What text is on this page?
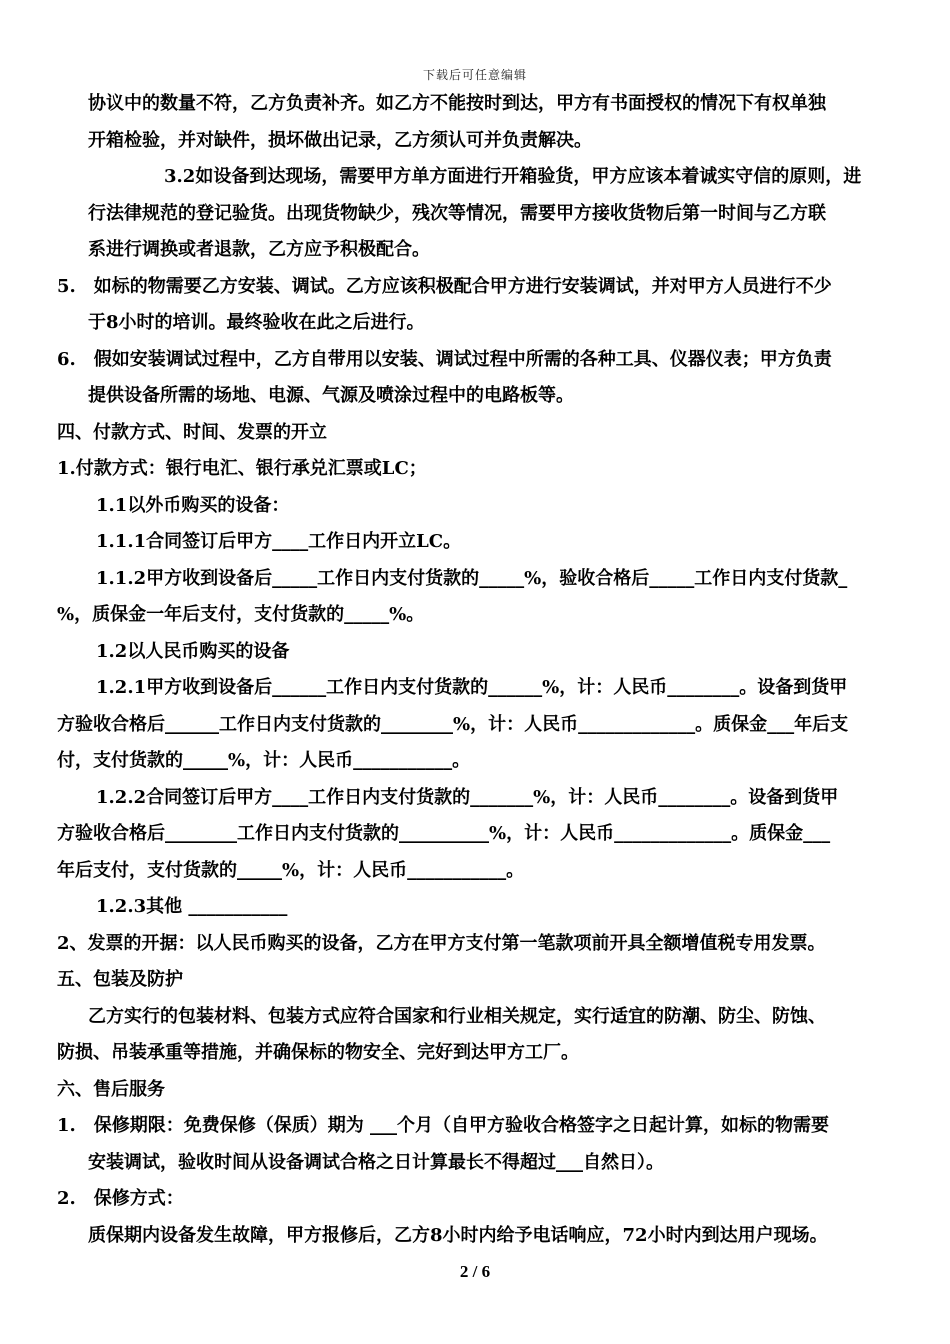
下载后可任意编辑
协议中的数量不符，乙方负责补齐。如乙方不能按时到达，甲方有书面授权的情况下有权单独
开箱检验，并对缺件，损坏做出记录，乙方须认可并负责解决。
3.2如设备到达现场，需要甲方单方面进行开箱验货，甲方应该本着诚实守信的原则，进
行法律规范的登记验货。出现货物缺少，残次等情况，需要甲方接收货物后第一时间与乙方联
系进行调换或者退款，乙方应予积极配合。
5.　如标的物需要乙方安装、调试。乙方应该积极配合甲方进行安装调试，并对甲方人员进行不少
于8小时的培训。最终验收在此之后进行。
6.　假如安装调试过程中，乙方自带用以安装、调试过程中所需的各种工具、仪器仪表；甲方负责
提供设备所需的场地、电源、气源及喷涂过程中的电路板等。
四、付款方式、时间、发票的开立
1.付款方式：银行电汇、银行承兑汇票或LC；
1.1以外币购买的设备：
1.1.1合同签订后甲方____工作日内开立LC。
1.1.2甲方收到设备后_____工作日内支付货款的_____%，验收合格后_____工作日内支付货款_
%，质保金一年后支付，支付货款的_____%。
1.2以人民币购买的设备
1.2.1甲方收到设备后______工作日内支付货款的______%，计：人民币________。设备到货甲
方验收合格后______工作日内支付货款的________%，计：人民币_____________。质保金___年后支
付，支付货款的_____%，计：人民币___________。
1.2.2合同签订后甲方____工作日内支付货款的_______%，计：人民币________。设备到货甲
方验收合格后________工作日内支付货款的__________%，计：人民币_____________。质保金___
年后支付，支付货款的_____%，计：人民币___________。
1.2.3其他 ___________
2、发票的开据：以人民币购买的设备，乙方在甲方支付第一笔款项前开具全额增值税专用发票。
五、包装及防护
乙方实行的包装材料、包装方式应符合国家和行业相关规定，实行适宜的防潮、防尘、防蚀、
防损、吊装承重等措施，并确保标的物安全、完好到达甲方工厂。
六、售后服务
1.　保修期限：免费保修（保质）期为 ___个月（自甲方验收合格签字之日起计算，如标的物需要
安装调试，验收时间从设备调试合格之日计算最长不得超过___自然日）。
2.　保修方式：
质保期内设备发生故障，甲方报修后，乙方8小时内给予电话响应，72小时内到达用户现场。
2 / 6
